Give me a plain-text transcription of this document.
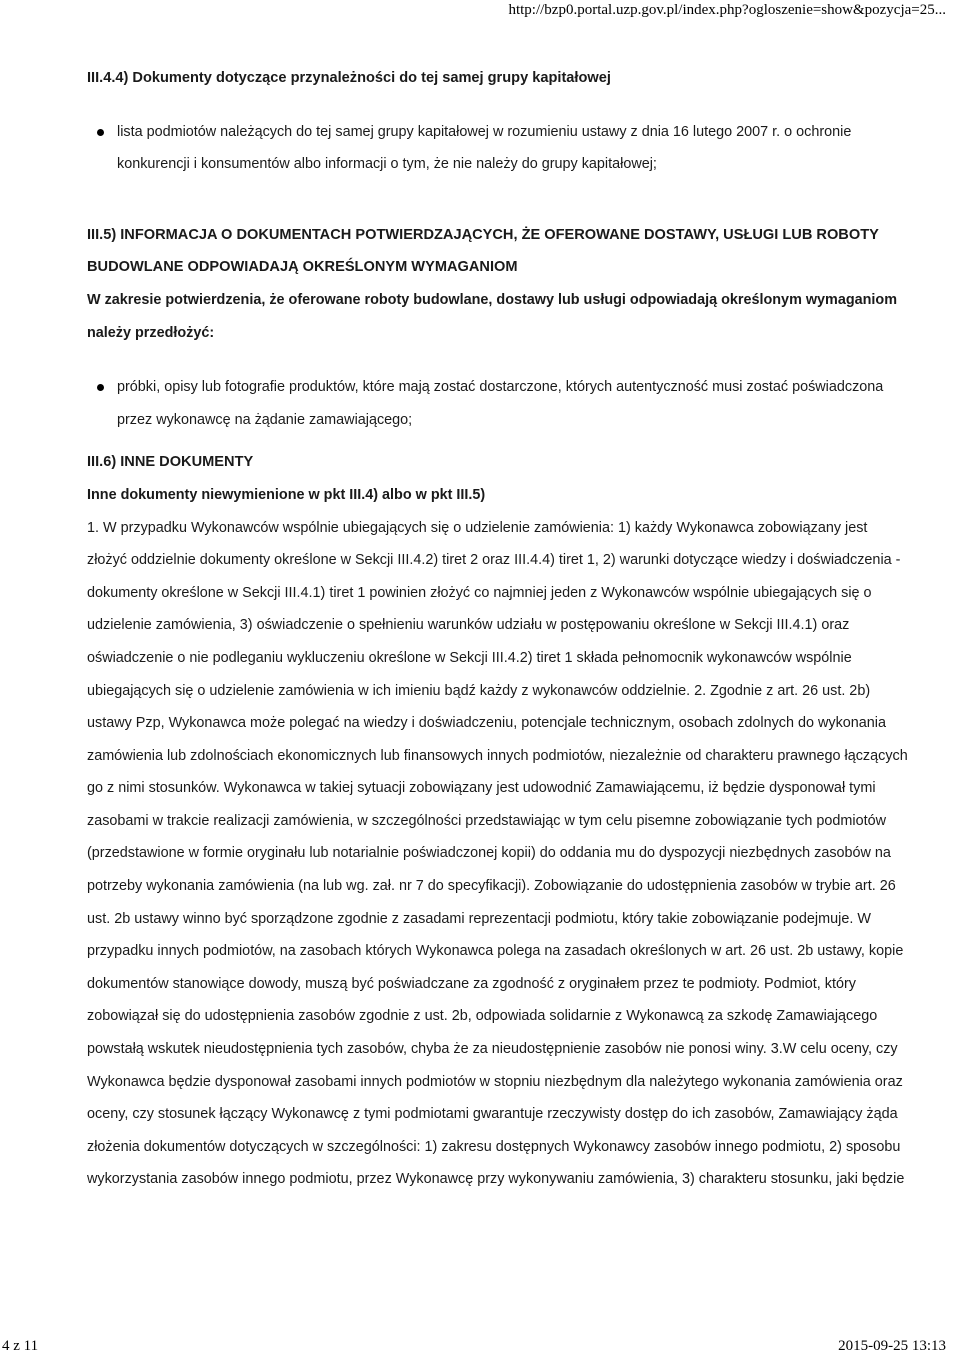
http://bzp0.portal.uzp.gov.pl/index.php?ogloszenie=show&pozycja=25...
III.4.4) Dokumenty dotyczące przynależności do tej samej grupy kapitałowej
lista podmiotów należących do tej samej grupy kapitałowej w rozumieniu ustawy z dnia 16 lutego 2007 r. o ochronie konkurencji i konsumentów albo informacji o tym, że nie należy do grupy kapitałowej;
III.5) INFORMACJA O DOKUMENTACH POTWIERDZAJĄCYCH, ŻE OFEROWANE DOSTAWY, USŁUGI LUB ROBOTY BUDOWLANE ODPOWIADAJĄ OKREŚLONYM WYMAGANIOM

W zakresie potwierdzenia, że oferowane roboty budowlane, dostawy lub usługi odpowiadają określonym wymaganiom należy przedłożyć:

próbki, opisy lub fotografie produktów, które mają zostać dostarczone, których autentyczność musi zostać poświadczona przez wykonawcę na żądanie zamawiającego;
III.6) INNE DOKUMENTY

Inne dokumenty niewymienione w pkt III.4) albo w pkt III.5)

1. W przypadku Wykonawców wspólnie ubiegających się o udzielenie zamówienia: 1) każdy Wykonawca zobowiązany jest złożyć oddzielnie dokumenty określone w Sekcji III.4.2) tiret 2 oraz III.4.4) tiret 1, 2) warunki dotyczące wiedzy i doświadczenia - dokumenty określone w Sekcji III.4.1) tiret 1 powinien złożyć co najmniej jeden z Wykonawców wspólnie ubiegających się o udzielenie zamówienia, 3) oświadczenie o spełnieniu warunków udziału w postępowaniu określone w Sekcji III.4.1) oraz oświadczenie o nie podleganiu wykluczeniu określone w Sekcji III.4.2) tiret 1 składa pełnomocnik wykonawców wspólnie ubiegających się o udzielenie zamówienia w ich imieniu bądź każdy z wykonawców oddzielnie. 2. Zgodnie z art. 26 ust. 2b) ustawy Pzp, Wykonawca może polegać na wiedzy i doświadczeniu, potencjale technicznym, osobach zdolnych do wykonania zamówienia lub zdolnościach ekonomicznych lub finansowych innych podmiotów, niezależnie od charakteru prawnego łączących go z nimi stosunków. Wykonawca w takiej sytuacji zobowiązany jest udowodnić Zamawiającemu, iż będzie dysponował tymi zasobami w trakcie realizacji zamówienia, w szczególności przedstawiając w tym celu pisemne zobowiązanie tych podmiotów (przedstawione w formie oryginału lub notarialnie poświadczonej kopii) do oddania mu do dyspozycji niezbędnych zasobów na potrzeby wykonania zamówienia (na lub wg. zał. nr 7 do specyfikacji). Zobowiązanie do udostępnienia zasobów w trybie art. 26 ust. 2b ustawy winno być sporządzone zgodnie z zasadami reprezentacji podmiotu, który takie zobowiązanie podejmuje. W przypadku innych podmiotów, na zasobach których Wykonawca polega na zasadach określonych w art. 26 ust. 2b ustawy, kopie dokumentów stanowiące dowody, muszą być poświadczane za zgodność z oryginałem przez te podmioty. Podmiot, który zobowiązał się do udostępnienia zasobów zgodnie z ust. 2b, odpowiada solidarnie z Wykonawcą za szkodę Zamawiającego powstałą wskutek nieudostępnienia tych zasobów, chyba że za nieudostępnienie zasobów nie ponosi winy. 3.W celu oceny, czy Wykonawca będzie dysponował zasobami innych podmiotów w stopniu niezbędnym dla należytego wykonania zamówienia oraz oceny, czy stosunek łączący Wykonawcę z tymi podmiotami gwarantuje rzeczywisty dostęp do ich zasobów, Zamawiający żąda złożenia dokumentów dotyczących w szczególności: 1) zakresu dostępnych Wykonawcy zasobów innego podmiotu, 2) sposobu wykorzystania zasobów innego podmiotu, przez Wykonawcę przy wykonywaniu zamówienia, 3) charakteru stosunku, jaki będzie

4 z 11	2015-09-25 13:13
